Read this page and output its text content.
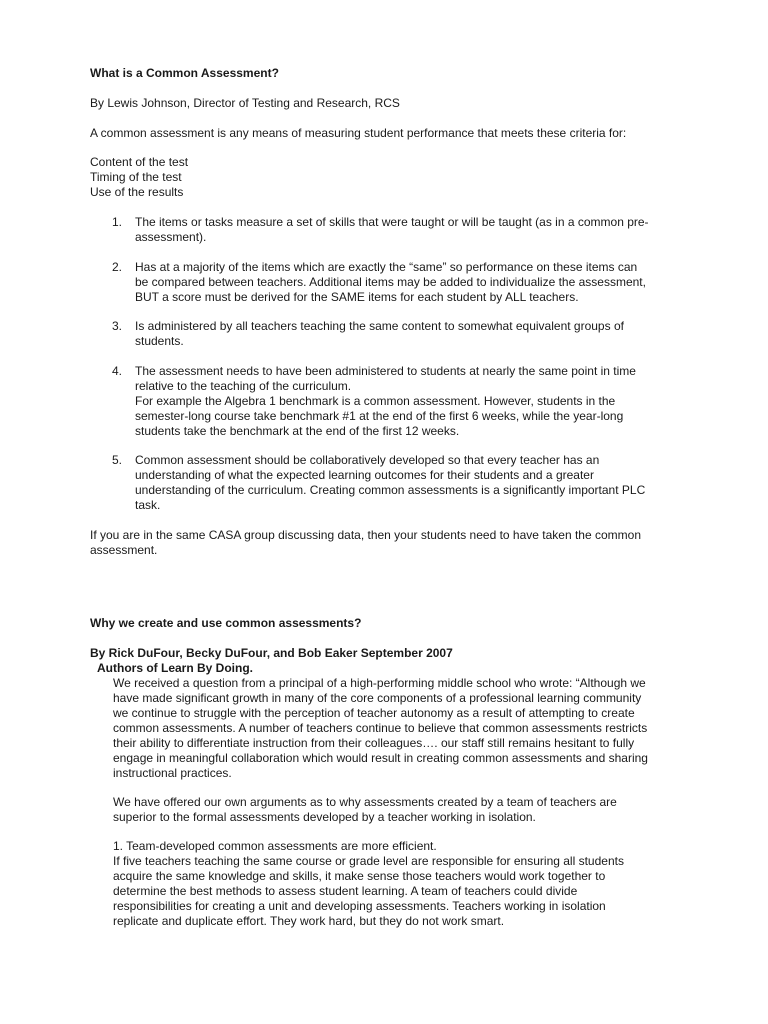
What is a Common Assessment?

By Lewis Johnson, Director of Testing and Research, RCS

A common assessment is any means of measuring student performance that meets these criteria for:

Content of the test
Timing of the test
Use of the results

1. The items or tasks measure a set of skills that were taught or will be taught (as in a common pre-
assessment).

2. Has at a majority of the items which are exactly the “same” so performance on these items can
be compared between teachers. Additional items may be added to individualize the assessment,
BUT a score must be derived for the SAME items for each student by ALL teachers.

3. Is administered by all teachers teaching the same content to somewhat equivalent groups of
students.

4. The assessment needs to have been administered to students at nearly the same point in time
relative to the teaching of the curriculum.
For example the Algebra 1 benchmark is a common assessment. However, students in the
semester-long course take benchmark #1 at the end of the first 6 weeks, while the year-long
students take the benchmark at the end of the first 12 weeks.

5. Common assessment should be collaboratively developed so that every teacher has an
understanding of what the expected learning outcomes for their students and a greater
understanding of the curriculum. Creating common assessments is a significantly important PLC
task.
If you are in the same CASA group discussing data, then your students need to have taken the common
assessment.

Why we create and use common assessments?

By Rick DuFour, Becky DuFour, and Bob Eaker September 2007

Authors of Learn By Doing.

We received a question from a principal of a high-performing middle school who wrote: “Although we
have made significant growth in many of the core components of a professional learning community
we continue to struggle with the perception of teacher autonomy as a result of attempting to create
common assessments. A number of teachers continue to believe that common assessments restricts
their ability to differentiate instruction from their colleagues…. our staff still remains hesitant to fully
engage in meaningful collaboration which would result in creating common assessments and sharing
instructional practices.
We have offered our own arguments as to why assessments created by a team of teachers are
superior to the formal assessments developed by a teacher working in isolation.

1. Team-developed common assessments are more efficient.

If five teachers teaching the same course or grade level are responsible for ensuring all students
acquire the same knowledge and skills, it make sense those teachers would work together to
determine the best methods to assess student learning. A team of teachers could divide
responsibilities for creating a unit and developing assessments. Teachers working in isolation
replicate and duplicate effort. They work hard, but they do not work smart.
